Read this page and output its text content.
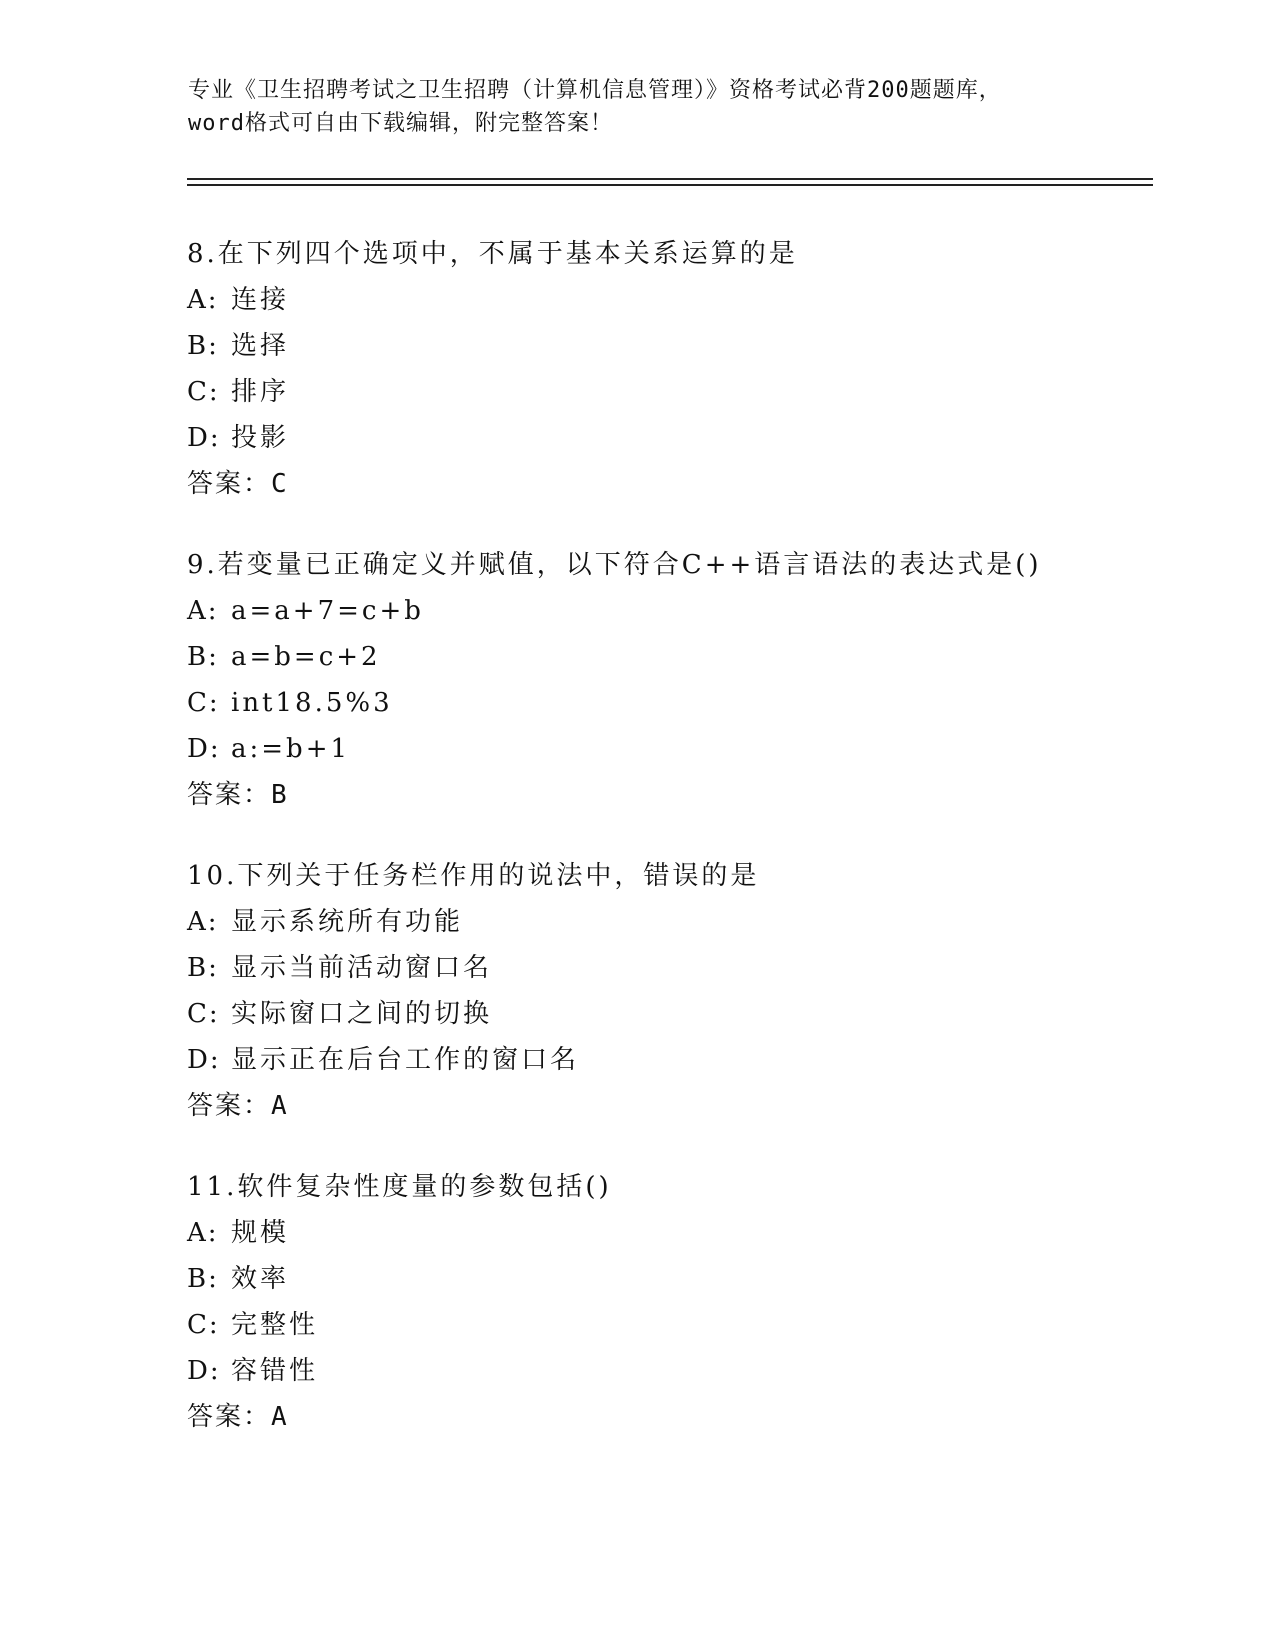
专业《卫生招聘考试之卫生招聘（计算机信息管理）》资格考试必背200题题库，
word格式可自由下载编辑，附完整答案！
8.在下列四个选项中，不属于基本关系运算的是
A: 连接
B: 选择
C: 排序
D: 投影
答案：C
9.若变量已正确定义并赋值，以下符合C++语言语法的表达式是()
A: a=a+7=c+b
B: a=b=c+2
C: int18.5%3
D: a:=b+1
答案：B
10.下列关于任务栏作用的说法中，错误的是
A: 显示系统所有功能
B: 显示当前活动窗口名
C: 实际窗口之间的切换
D: 显示正在后台工作的窗口名
答案：A
11.软件复杂性度量的参数包括()
A: 规模
B: 效率
C: 完整性
D: 容错性
答案：A
